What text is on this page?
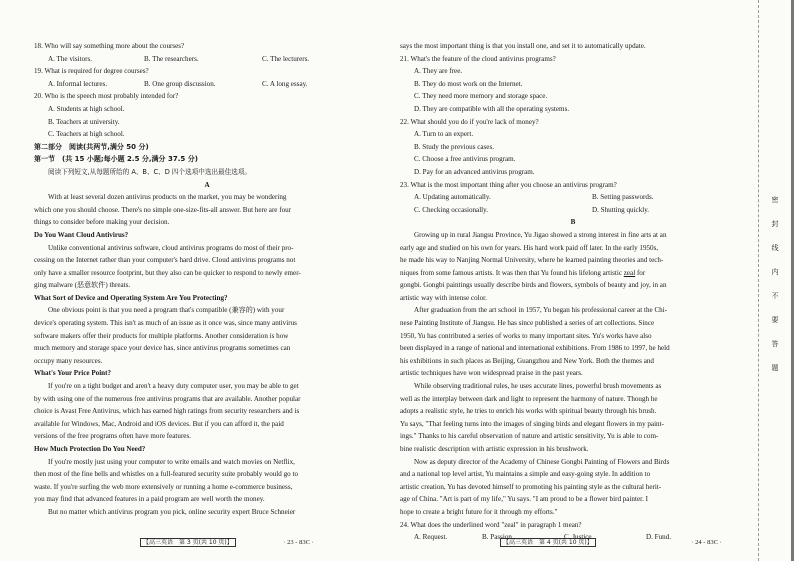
18. Who will say something more about the courses?
A. The visitors.	B. The researchers.	C. The lecturers.
19. What is required for degree courses?
A. Informal lectures.	B. One group discussion.	C. A long essay.
20. Who is the speech most probably intended for?
A. Students at high school.
B. Teachers at university.
C. Teachers at high school.
第二部分　阅读(共两节,满分 50 分)
第一节　(共 15 小题;每小题 2.5 分,满分 37.5 分)
阅读下列短文,从每题所给的 A、B、C、D 四个选项中选出最佳选项。
A
With at least several dozen antivirus products on the market, you may be wondering
which one you should choose. There's no simple one-size-fits-all answer. But here are four
things to consider before making your decision.
Do You Want Cloud Antivirus?
Unlike conventional antivirus software, cloud antivirus programs do most of their pro-
cessing on the Internet rather than your computer's hard drive. Cloud antivirus programs not
only have a smaller resource footprint, but they also can be quicker to respond to newly emer-
ging malware (恶意软件) threats.
What Sort of Device and Operating System Are You Protecting?
One obvious point is that you need a program that's compatible (兼容的) with your
device's operating system. This isn't as much of an issue as it once was, since many antivirus
software makers offer their products for multiple platforms. Another consideration is how
much memory and storage space your device has, since antivirus programs sometimes can
occupy many resources.
What's Your Price Point?
If you're on a tight budget and aren't a heavy duty computer user, you may be able to get
by with using one of the numerous free antivirus programs that are available. Another popular
choice is Avast Free Antivirus, which has earned high ratings from security researchers and is
available for Windows, Mac, Android and iOS devices. But if you can afford it, the paid
versions of the free programs often have more features.
How Much Protection Do You Need?
If you're mostly just using your computer to write emails and watch movies on Netflix,
then most of the fine bells and whistles on a full-featured security suite probably would go to
waste. If you're surfing the web more extensively or running a home e-commerce business,
you may find that advanced features in a paid program are well worth the money.
But no matter which antivirus program you pick, online security expert Bruce Schneier
【高三英语　第 3 页(共 10 页)】	· 23 - 83C ·
says the most important thing is that you install one, and set it to automatically update.
21. What's the feature of the cloud antivirus programs?
A. They are free.
B. They do most work on the Internet.
C. They need more memory and storage space.
D. They are compatible with all the operating systems.
22. What should you do if you're lack of money?
A. Turn to an expert.
B. Study the previous cases.
C. Choose a free antivirus program.
D. Pay for an advanced antivirus program.
23. What is the most important thing after you choose an antivirus program?
A. Updating automatically.	B. Setting passwords.
C. Checking occasionally.	D. Shutting quickly.
B
Growing up in rural Jiangsu Province, Yu Jigao showed a strong interest in fine arts at an
early age and studied on his own for years. His hard work paid off later. In the early 1950s,
he made his way to Nanjing Normal University, where he learned painting theories and tech-
niques from some famous artists. It was then that Yu found his lifelong artistic zeal for
gongbi. Gongbi paintings usually describe birds and flowers, symbols of beauty and joy, in an
artistic way with intense color.
After graduation from the art school in 1957, Yu began his professional career at the Chi-
nese Painting Institute of Jiangsu. He has since published a series of art collections. Since
1950, Yu has contributed a series of works to many important sites. Yu's works have also
been displayed in a range of national and international exhibitions. From 1986 to 1997, he held
his exhibitions in such places as Beijing, Guangzhou and New York. Both the themes and
artistic techniques have won widespread praise in the past years.
While observing traditional rules, he uses accurate lines, powerful brush movements as
well as the interplay between dark and light to represent the harmony of nature. Though he
adopts a realistic style, he tries to enrich his works with spiritual beauty through his brush.
Yu says, "That feeling turns into the images of singing birds and elegant flowers in my paint-
ings." Thanks to his careful observation of nature and artistic sensitivity, Yu is able to com-
bine realistic description with artistic expression in his brushwork.
Now as deputy director of the Academy of Chinese Gongbi Painting of Flowers and Birds
and a national top level artist, Yu maintains a simple and easy-going style. In addition to
artistic creation, Yu has devoted himself to promoting his painting style as the cultural herit-
age of China. "Art is part of my life," Yu says. "I am proud to be a flower bird painter. I
hope to create a bright future for it through my efforts."
24. What does the underlined word "zeal" in paragraph 1 mean?
A. Request.	B. Passion.	C. Justice.	D. Fund.
【高三英语　第 4 页(共 10 页)】	· 24 - 83C ·
密
封
线
内
不
要
答
题
